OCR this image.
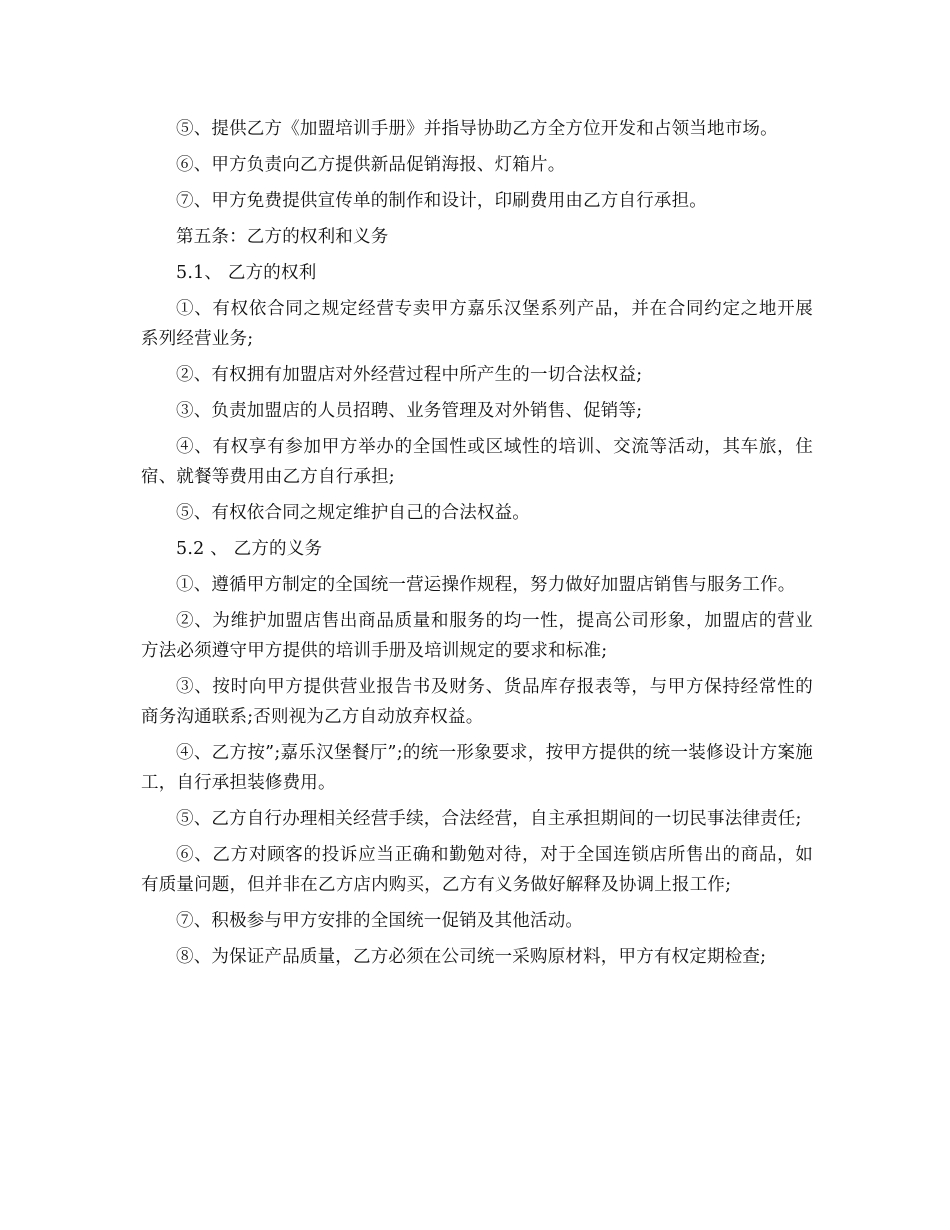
⑤、提供乙方《加盟培训手册》并指导协助乙方全方位开发和占领当地市场。

⑥、甲方负责向乙方提供新品促销海报、灯箱片。

⑦、甲方免费提供宣传单的制作和设计，印刷费用由乙方自行承担。

第五条：乙方的权利和义务

5.1、 乙方的权利

①、有权依合同之规定经营专卖甲方嘉乐汉堡系列产品，并在合同约定之地开展系列经营业务;

②、有权拥有加盟店对外经营过程中所产生的一切合法权益;

③、负责加盟店的人员招聘、业务管理及对外销售、促销等;

④、有权享有参加甲方举办的全国性或区域性的培训、交流等活动，其车旅，住宿、就餐等费用由乙方自行承担;

⑤、有权依合同之规定维护自己的合法权益。

5.2 、 乙方的义务

①、遵循甲方制定的全国统一营运操作规程，努力做好加盟店销售与服务工作。

②、为维护加盟店售出商品质量和服务的均一性，提高公司形象，加盟店的营业方法必须遵守甲方提供的培训手册及培训规定的要求和标准;

③、按时向甲方提供营业报告书及财务、货品库存报表等，与甲方保持经常性的商务沟通联系;否则视为乙方自动放弃权益。

④、乙方按”;嘉乐汉堡餐厅”;的统一形象要求，按甲方提供的统一装修设计方案施工，自行承担装修费用。

⑤、乙方自行办理相关经营手续，合法经营，自主承担期间的一切民事法律责任;

⑥、乙方对顾客的投诉应当正确和勤勉对待，对于全国连锁店所售出的商品，如有质量问题，但并非在乙方店内购买，乙方有义务做好解释及协调上报工作;

⑦、积极参与甲方安排的全国统一促销及其他活动。

⑧、为保证产品质量，乙方必须在公司统一采购原材料，甲方有权定期检查;
